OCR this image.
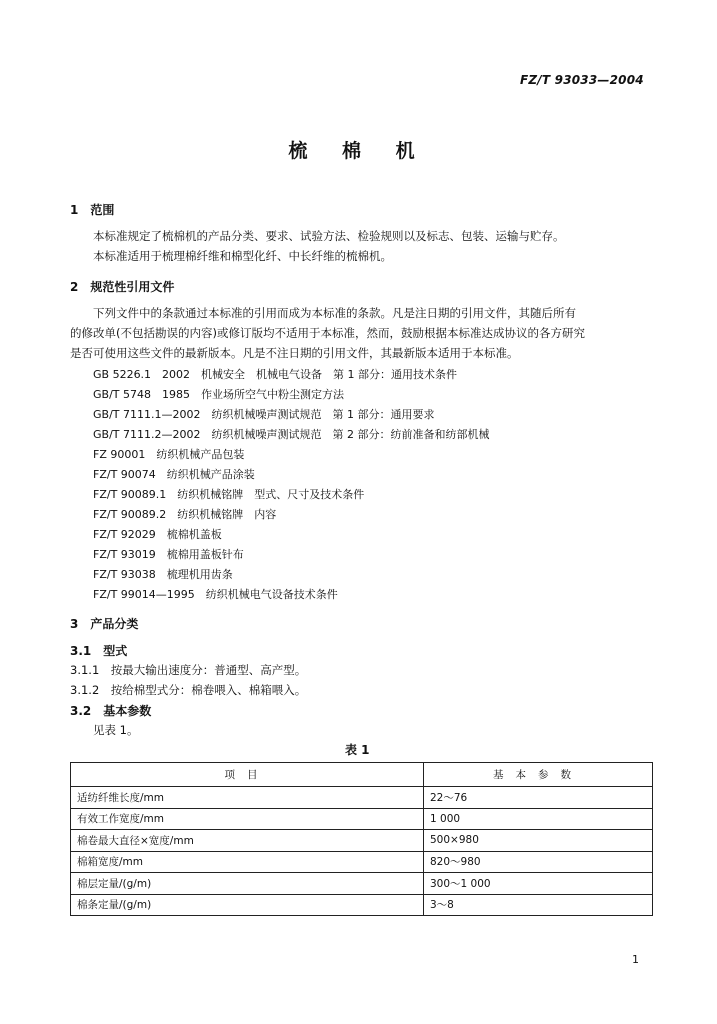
FZ/T 93033—2004
梳 棉 机
1　范围
本标准规定了梳棉机的产品分类、要求、试验方法、检验规则以及标志、包装、运输与贮存。
本标准适用于梳理棉纤维和棉型化纤、中长纤维的梳棉机。
2　规范性引用文件
下列文件中的条款通过本标准的引用而成为本标准的条款。凡是注日期的引用文件，其随后所有
的修改单(不包括勘误的内容)或修订版均不适用于本标准，然而，鼓励根据本标准达成协议的各方研究
是否可使用这些文件的最新版本。凡是不注日期的引用文件，其最新版本适用于本标准。
GB 5226.1　2002　机械安全　机械电气设备　第 1 部分：通用技术条件
GB/T 5748　1985　作业场所空气中粉尘测定方法
GB/T 7111.1—2002　纺织机械噪声测试规范　第 1 部分：通用要求
GB/T 7111.2—2002　纺织机械噪声测试规范　第 2 部分：纺前准备和纺部机械
FZ 90001　纺织机械产品包装
FZ/T 90074　纺织机械产品涂装
FZ/T 90089.1　纺织机械铭牌　型式、尺寸及技术条件
FZ/T 90089.2　纺织机械铭牌　内容
FZ/T 92029　梳棉机盖板
FZ/T 93019　梳棉用盖板针布
FZ/T 93038　梳理机用齿条
FZ/T 99014—1995　纺织机械电气设备技术条件
3　产品分类
3.1　型式
3.1.1　按最大输出速度分：普通型、高产型。
3.1.2　按给棉型式分：棉卷喂入、棉箱喂入。
3.2　基本参数
见表 1。
表 1
项目	基本参数
适纺纤维长度/mm	22～76
有效工作宽度/mm	1 000
棉卷最大直径×宽度/mm	500×980
棉箱宽度/mm	820～980
棉层定量/(g/m)	300～1 000
棉条定量/(g/m)	3～8
1
